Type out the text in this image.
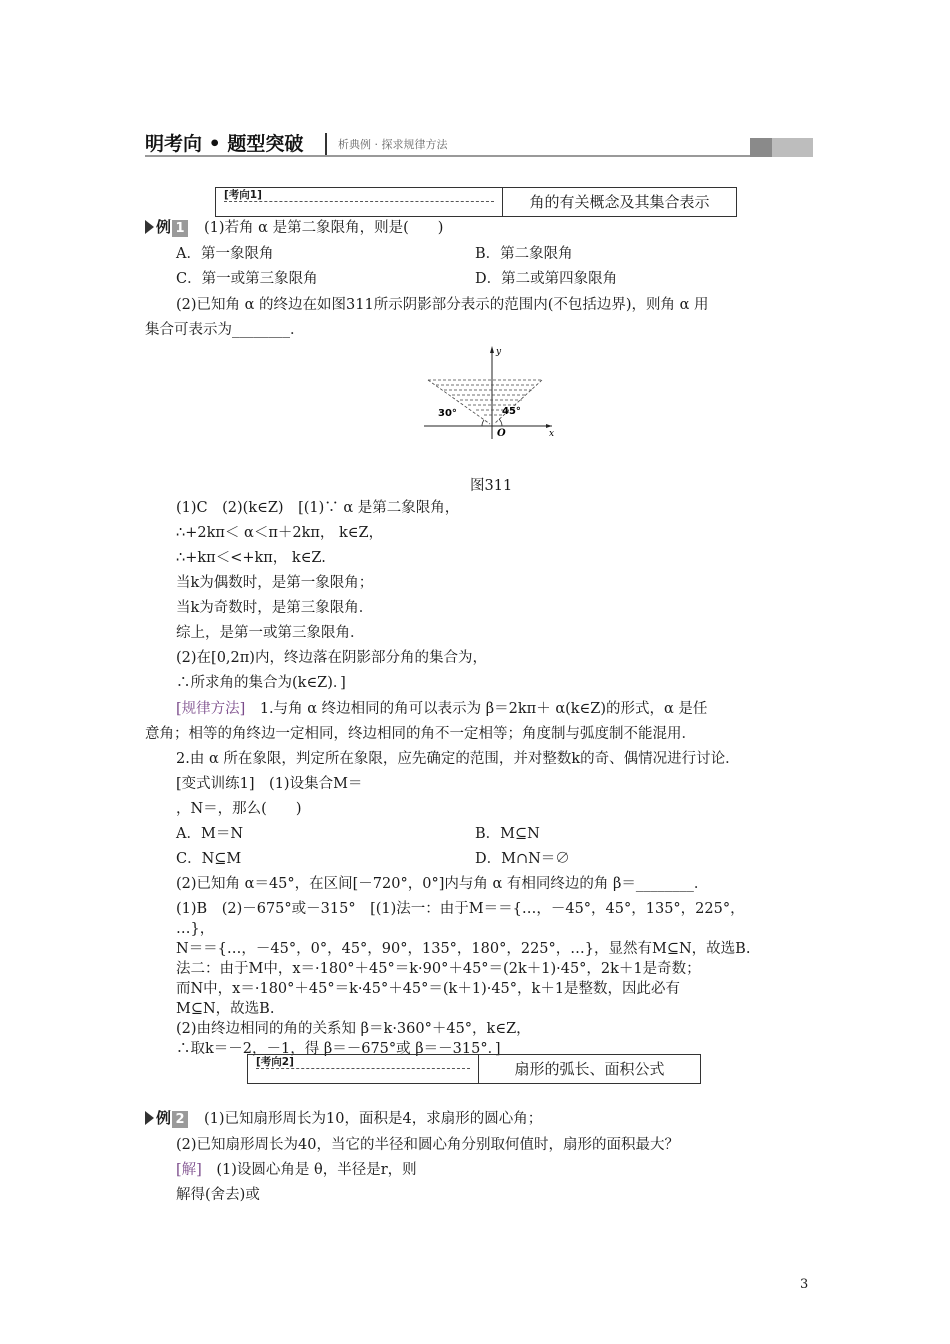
明考向 • 题型突破	析典例 · 探求规律方法
[考向1]	角的有关概念及其集合表示
例 1 (1)若角 α 是第二象限角，则是(　　)
A．第一象限角	B．第二象限角
C．第一或第三象限角	D．第二或第四象限角
(2)已知角 α 的终边在如图311所示阴影部分表示的范围内(不包括边界)，则角 α 用
集合可表示为________．
y
x
O
30°	45°
图311
(1)C　(2)(k∈Z)　[(1)∵ α 是第二象限角，
∴+2kπ＜ α＜π＋2kπ， k∈Z，
∴+kπ＜<+kπ， k∈Z.
当k为偶数时，是第一象限角；
当k为奇数时，是第三象限角．
综上，是第一或第三象限角．
(2)在[0,2π)内，终边落在阴影部分角的集合为，
∴所求角的集合为(k∈Z)．]
[规律方法]　1.与角 α 终边相同的角可以表示为 β＝2kπ＋ α(k∈Z)的形式，α 是任
意角；相等的角终边一定相同，终边相同的角不一定相等；角度制与弧度制不能混用．
2.由 α 所在象限，判定所在象限，应先确定的范围，并对整数k的奇、偶情况进行讨论．
[变式训练1]　(1)设集合M＝
，N＝，那么(　　)
A．M＝N	B．M⊆N
C．N⊆M	D．M∩N＝∅
(2)已知角 α＝45°，在区间[－720°，0°]内与角 α 有相同终边的角 β＝________．
(1)B　(2)－675°或－315°　[(1)法一：由于M＝＝{…，－45°，45°，135°，225°，
…}，
N＝＝{…，－45°，0°，45°，90°，135°，180°，225°，…}，显然有M⊆N，故选B.
法二：由于M中，x＝·180°＋45°＝k·90°＋45°＝(2k＋1)·45°，2k＋1是奇数；
而N中，x＝·180°＋45°＝k·45°＋45°＝(k＋1)·45°，k＋1是整数，因此必有
M⊆N，故选B.
(2)由终边相同的角的关系知 β＝k·360°＋45°，k∈Z，
∴取k＝－2，－1，得 β＝－675°或 β＝－315°．]
[考向2]	扇形的弧长、面积公式
例 2 (1)已知扇形周长为10，面积是4，求扇形的圆心角；
(2)已知扇形周长为40，当它的半径和圆心角分别取何值时，扇形的面积最大？
[解]　(1)设圆心角是 θ，半径是r，则
解得(舍去)或
3
